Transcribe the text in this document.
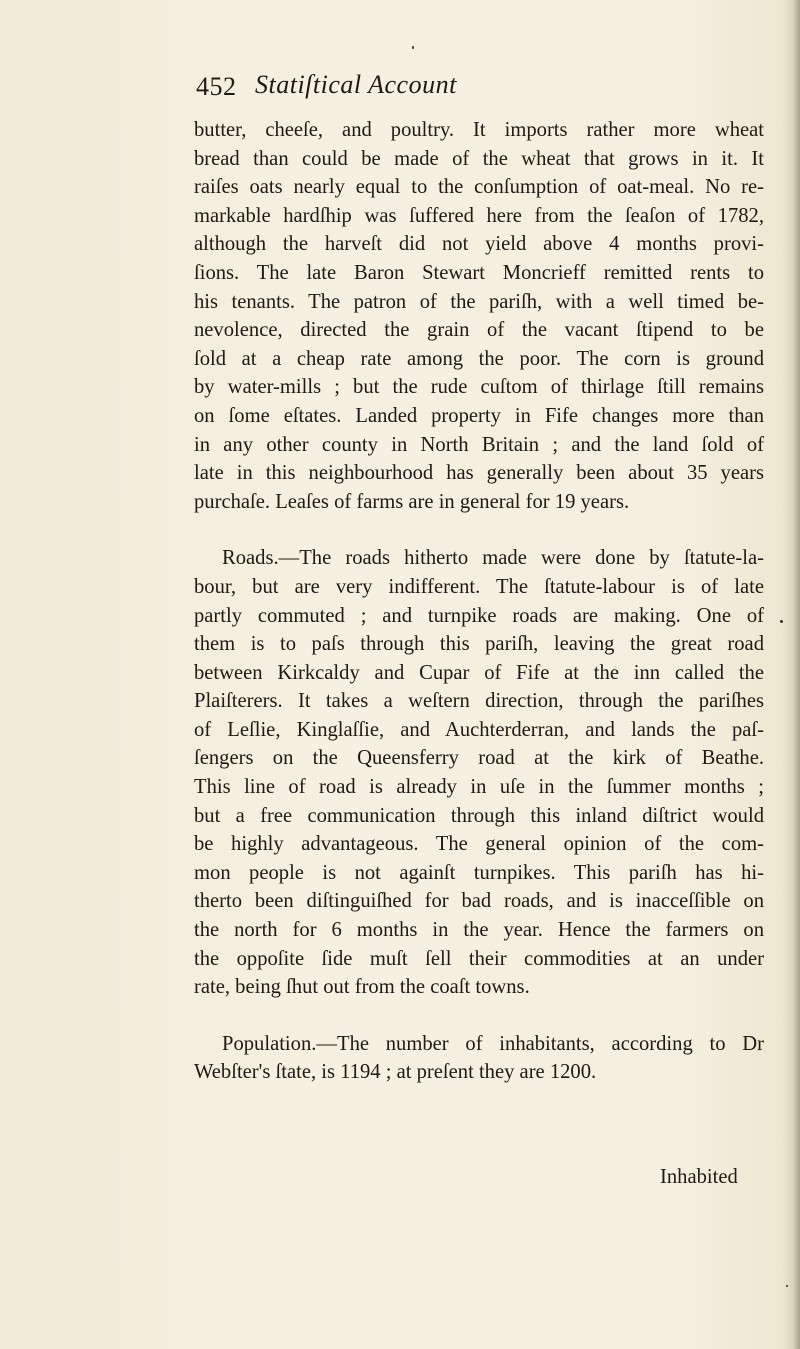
452 Statiſtical Account
butter, cheeſe, and poultry. It imports rather more wheat
bread than could be made of the wheat that grows in it. It
raiſes oats nearly equal to the conſumption of oat-meal. No re-
markable hardſhip was ſuffered here from the ſeaſon of 1782,
although the harveſt did not yield above 4 months provi-
ſions. The late Baron Stewart Moncrieff remitted rents to
his tenants. The patron of the pariſh, with a well timed be-
nevolence, directed the grain of the vacant ſtipend to be
ſold at a cheap rate among the poor. The corn is ground
by water-mills ; but the rude cuſtom of thirlage ſtill remains
on ſome eſtates. Landed property in Fife changes more than
in any other county in North Britain ; and the land ſold of
late in this neighbourhood has generally been about 35 years
purchaſe. Leaſes of farms are in general for 19 years.
Roads.—The roads hitherto made were done by ſtatute-la-
bour, but are very indifferent. The ſtatute-labour is of late
partly commuted ; and turnpike roads are making. One of
them is to paſs through this pariſh, leaving the great road
between Kirkcaldy and Cupar of Fife at the inn called the
Plaiſterers. It takes a weſtern direction, through the pariſhes
of Leſlie, Kinglaſſie, and Auchterderran, and lands the paſ-
ſengers on the Queensferry road at the kirk of Beathe.
This line of road is already in uſe in the ſummer months ;
but a free communication through this inland diſtrict would
be highly advantageous. The general opinion of the com-
mon people is not againſt turnpikes. This pariſh has hi-
therto been diſtinguiſhed for bad roads, and is inacceſſible on
the north for 6 months in the year. Hence the farmers on
the oppoſite ſide muſt ſell their commodities at an under
rate, being ſhut out from the coaſt towns.
Population.—The number of inhabitants, according to Dr
Webſter's ſtate, is 1194 ; at preſent they are 1200.
Inhabited
